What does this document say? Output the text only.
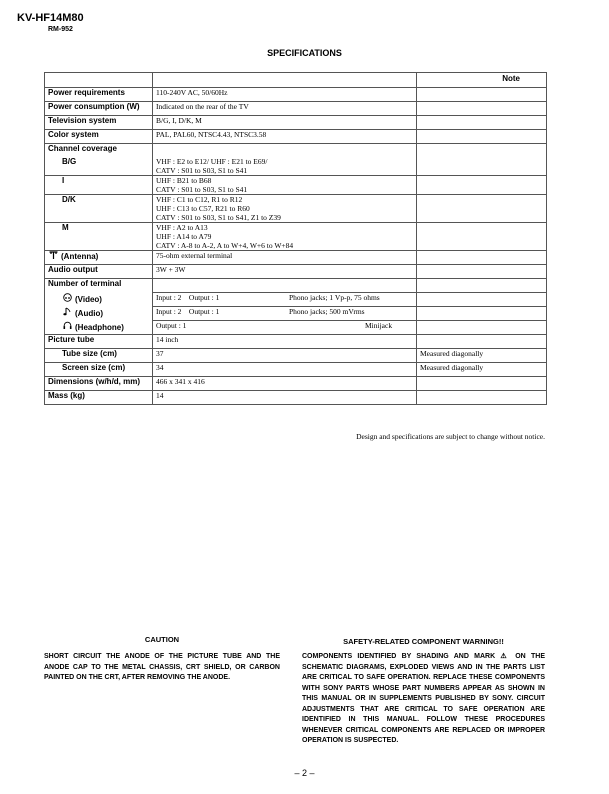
KV-HF14M80
RM-952
SPECIFICATIONS
		Note
Power requirements	110-240V AC, 50/60Hz	
Power consumption (W)	Indicated on the rear of the TV	
Television system	B/G, I, D/K, M	
Color system	PAL, PAL60, NTSC4.43, NTSC3.58	
Channel coverage		
B/G	VHF : E2 to E12/ UHF : E21 to E69/
CATV : S01 to S03, S1 to S41	

I	UHF : B21 to B68
CATV : S01 to S03, S1 to S41	

D/K	VHF : C1 to C12, R1 to R12
UHF : C13 to C57, R21 to R60
CATV : S01 to S03, S1 to S41, Z1 to Z39	

M	VHF : A2 to A13
UHF : A14 to A79
CATV : A-8 to A-2, A to W+4, W+6 to W+84	

(Antenna)	75-ohm external terminal	
Audio output	3W + 3W	
Number of terminal		
(Video)	Input : 2 Output : 1 Phono jacks; 1 Vp-p, 75 ohms	

(Audio)	Input : 2 Output : 1 Phono jacks; 500 mVrms	

(Headphone)	Output : 1 Minijack	

Picture tube	14 inch	
Tube size (cm)	37	Measured diagonally
Screen size (cm)	34	Measured diagonally
Dimensions (w/h/d, mm)	466 x 341 x 416	
Mass (kg)	14	
Design and specifications are subject to change without notice.
CAUTION
SHORT CIRCUIT THE ANODE OF THE PICTURE TUBE AND THE ANODE CAP TO THE METAL CHASSIS, CRT SHIELD, OR CARBON PAINTED ON THE CRT, AFTER REMOVING THE ANODE.
SAFETY-RELATED COMPONENT WARNING!!
COMPONENTS IDENTIFIED BY SHADING AND MARK ⚠ ON THE SCHEMATIC DIAGRAMS, EXPLODED VIEWS AND IN THE PARTS LIST ARE CRITICAL TO SAFE OPERATION. REPLACE THESE COMPONENTS WITH SONY PARTS WHOSE PART NUMBERS APPEAR AS SHOWN IN THIS MANUAL OR IN SUPPLEMENTS PUBLISHED BY SONY. CIRCUIT ADJUSTMENTS THAT ARE CRITICAL TO SAFE OPERATION ARE IDENTIFIED IN THIS MANUAL. FOLLOW THESE PROCEDURES WHENEVER CRITICAL COMPONENTS ARE REPLACED OR IMPROPER OPERATION IS SUSPECTED.
– 2 –
